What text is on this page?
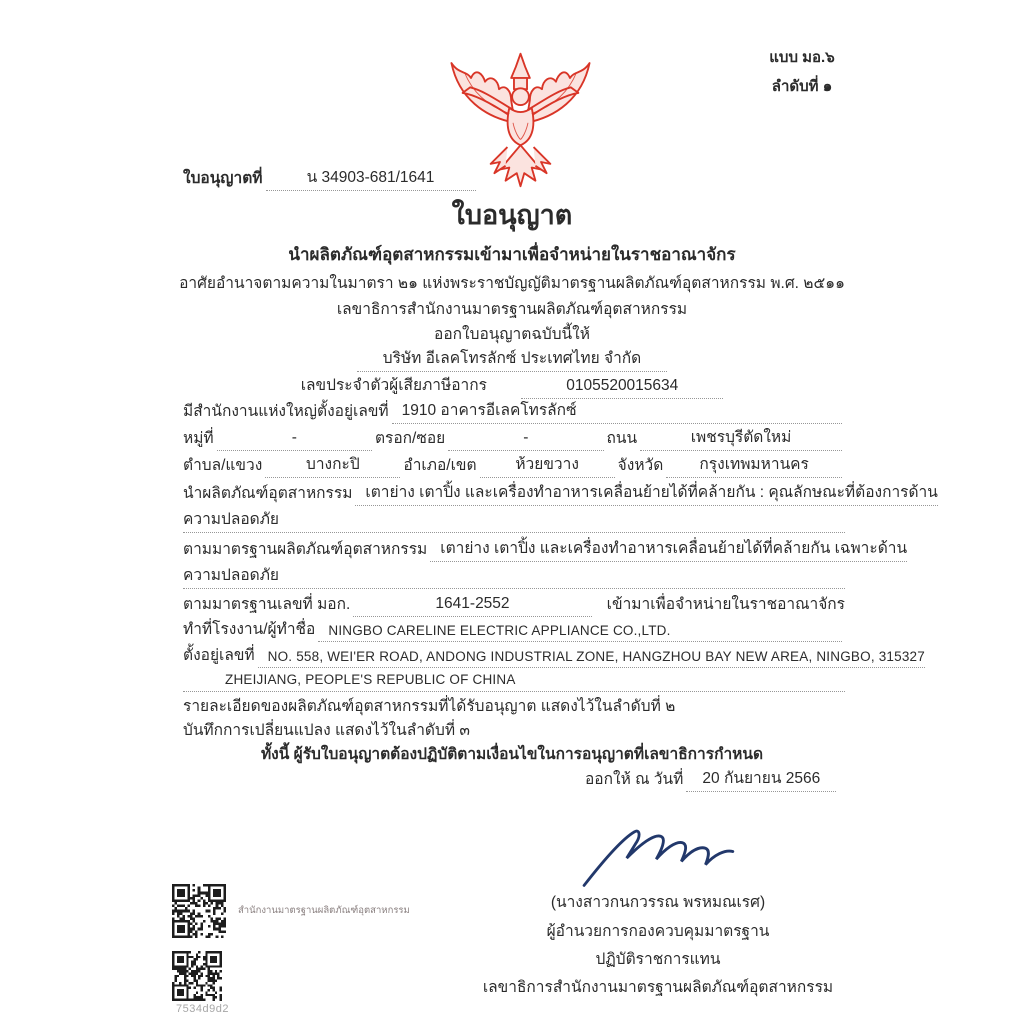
แบบ มอ.๖
ลำดับที่ ๑
ใบอนุญาตที่	น 34903-681/1641
ใบอนุญาต
นำผลิตภัณฑ์อุตสาหกรรมเข้ามาเพื่อจำหน่ายในราชอาณาจักร
อาศัยอำนาจตามความในมาตรา ๒๑ แห่งพระราชบัญญัติมาตรฐานผลิตภัณฑ์อุตสาหกรรม พ.ศ. ๒๕๑๑
เลขาธิการสำนักงานมาตรฐานผลิตภัณฑ์อุตสาหกรรม
ออกใบอนุญาตฉบับนี้ให้
บริษัท อีเลคโทรลักซ์ ประเทศไทย จำกัด
เลขประจำตัวผู้เสียภาษีอากร	0105520015634
มีสำนักงานแห่งใหญ่ตั้งอยู่เลขที่ 1910 อาคารอีเลคโทรลักซ์
หมู่ที่	-	ตรอก/ซอย	-	ถนน	เพชรบุรีตัดใหม่
ตำบล/แขวง	บางกะปิ	อำเภอ/เขต	ห้วยขวาง	จังหวัด	กรุงเทพมหานคร
นำผลิตภัณฑ์อุตสาหกรรม เตาย่าง เตาปิ้ง และเครื่องทำอาหารเคลื่อนย้ายได้ที่คล้ายกัน : คุณลักษณะที่ต้องการด้าน
ความปลอดภัย
ตามมาตรฐานผลิตภัณฑ์อุตสาหกรรม เตาย่าง เตาปิ้ง และเครื่องทำอาหารเคลื่อนย้ายได้ที่คล้ายกัน เฉพาะด้าน
ความปลอดภัย
ตามมาตรฐานเลขที่ มอก.	1641-2552	เข้ามาเพื่อจำหน่ายในราชอาณาจักร
ทำที่โรงงาน/ผู้ทำชื่อ NINGBO CARELINE ELECTRIC APPLIANCE CO.,LTD.
ตั้งอยู่เลขที่ NO. 558, WEI'ER ROAD, ANDONG INDUSTRIAL ZONE, HANGZHOU BAY NEW AREA, NINGBO, 315327
ZHEIJIANG, PEOPLE'S REPUBLIC OF CHINA
รายละเอียดของผลิตภัณฑ์อุตสาหกรรมที่ได้รับอนุญาต แสดงไว้ในลำดับที่ ๒
บันทึกการเปลี่ยนแปลง แสดงไว้ในลำดับที่ ๓
ทั้งนี้ ผู้รับใบอนุญาตต้องปฏิบัติตามเงื่อนไขในการอนุญาตที่เลขาธิการกำหนด
ออกให้ ณ วันที่	20 กันยายน 2566
(นางสาวกนกวรรณ พรหมณเรศ)
ผู้อำนวยการกองควบคุมมาตรฐาน
ปฏิบัติราชการแทน
เลขาธิการสำนักงานมาตรฐานผลิตภัณฑ์อุตสาหกรรม
สำนักงานมาตรฐานผลิตภัณฑ์อุตสาหกรรม
7534d9d2
